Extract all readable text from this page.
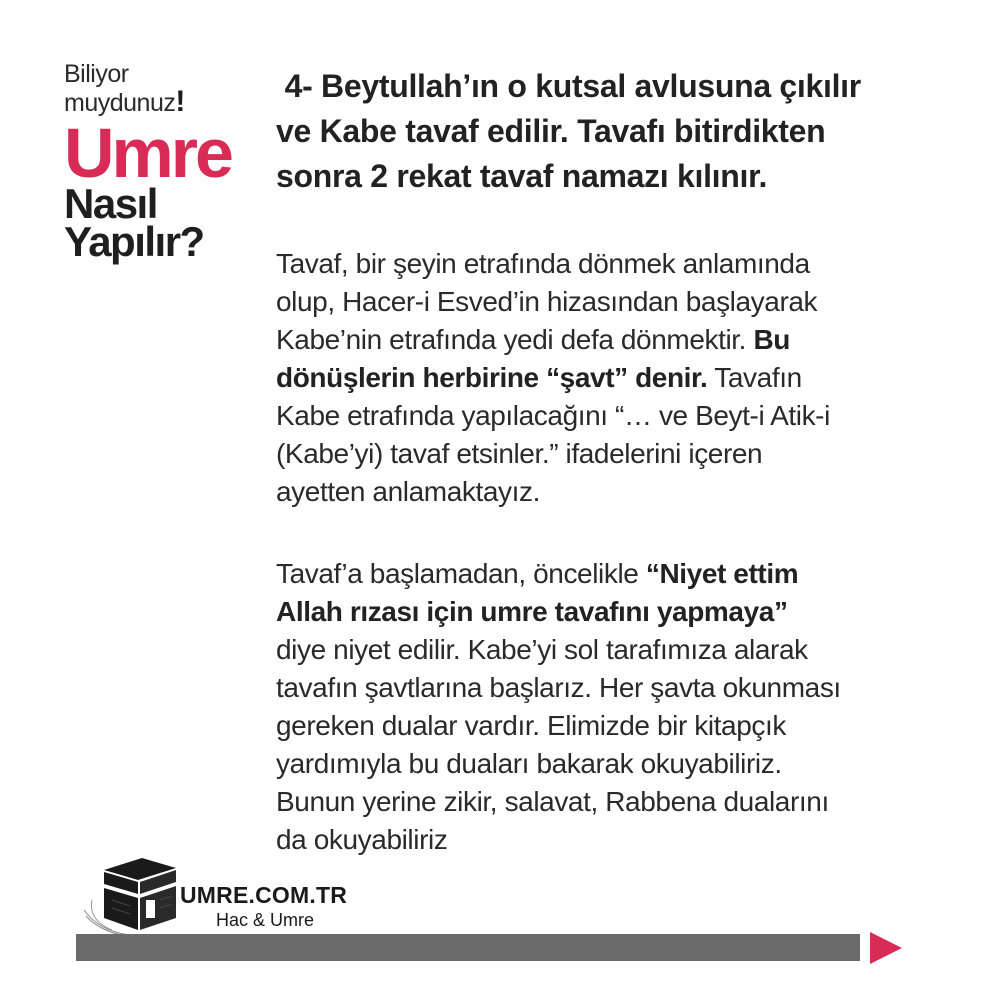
Biliyor
muydunuz!
Umre
Nasıl
Yapılır?
4- Beytullah’ın o kutsal avlusuna çıkılır
ve Kabe tavaf edilir. Tavafı bitirdikten
sonra 2 rekat tavaf namazı kılınır.
Tavaf, bir şeyin etrafında dönmek anlamında
olup, Hacer-i Esved’in hizasından başlayarak
Kabe’nin etrafında yedi defa dönmektir. Bu
dönüşlerin herbirine “şavt” denir. Tavafın
Kabe etrafında yapılacağını “… ve Beyt-i Atik-i
(Kabe’yi) tavaf etsinler.” ifadelerini içeren
ayetten anlamaktayız.
Tavaf’a başlamadan, öncelikle “Niyet ettim
Allah rızası için umre tavafını yapmaya”
diye niyet edilir. Kabe’yi sol tarafımıza alarak
tavafın şavtlarına başlarız. Her şavta okunması
gereken dualar vardır. Elimizde bir kitapçık
yardımıyla bu duaları bakarak okuyabiliriz.
Bunun yerine zikir, salavat, Rabbena dualarını
da okuyabiliriz
UMRE.COM.TR
Hac & Umre
